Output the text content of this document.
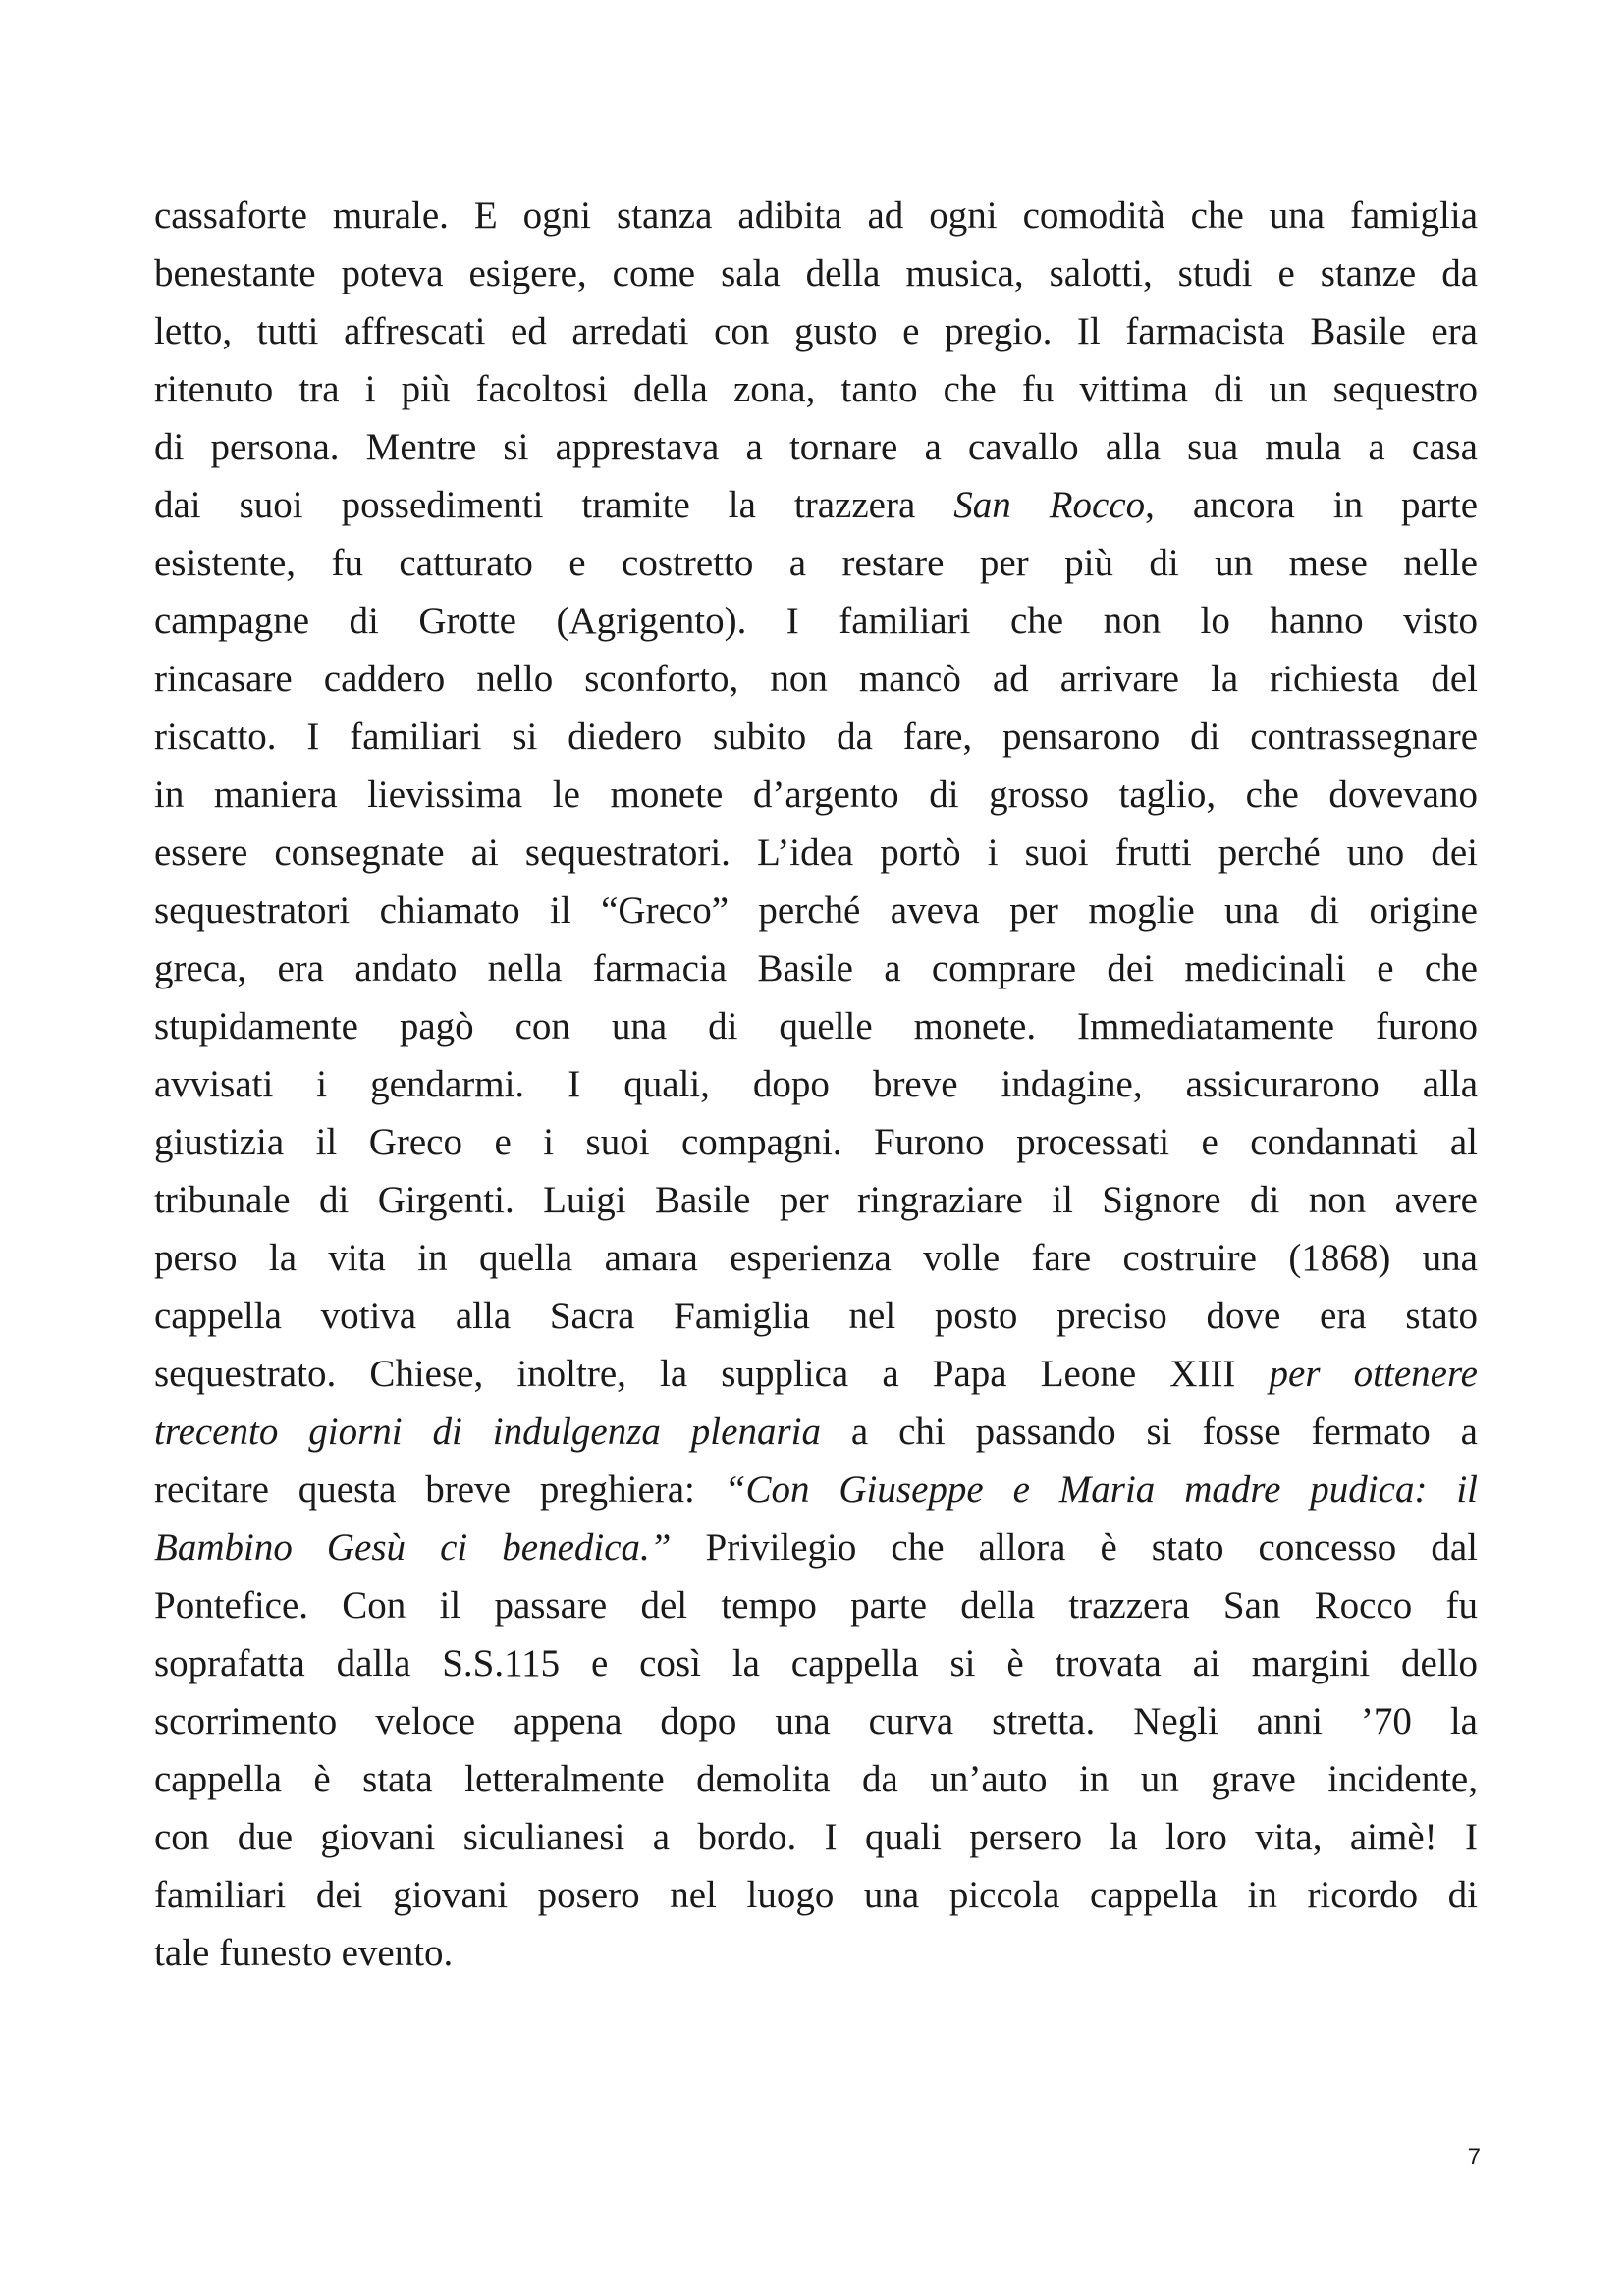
cassaforte murale. E ogni stanza adibita ad ogni comodità che una famiglia
benestante poteva esigere, come sala della musica, salotti, studi e stanze da
letto, tutti affrescati ed arredati con gusto e pregio. Il farmacista Basile era
ritenuto tra i più facoltosi della zona, tanto che fu vittima di un sequestro
di persona. Mentre si apprestava a tornare a cavallo alla sua mula a casa
dai suoi possedimenti tramite la trazzera San Rocco, ancora in parte
esistente, fu catturato e costretto a restare per più di un mese nelle
campagne di Grotte (Agrigento). I familiari che non lo hanno visto
rincasare caddero nello sconforto, non mancò ad arrivare la richiesta del
riscatto. I familiari si diedero subito da fare, pensarono di contrassegnare
in maniera lievissima le monete d’argento di grosso taglio, che dovevano
essere consegnate ai sequestratori. L’idea portò i suoi frutti perché uno dei
sequestratori chiamato il “Greco” perché aveva per moglie una di origine
greca, era andato nella farmacia Basile a comprare dei medicinali e che
stupidamente pagò con una di quelle monete. Immediatamente furono
avvisati i gendarmi. I quali, dopo breve indagine, assicurarono alla
giustizia il Greco e i suoi compagni. Furono processati e condannati al
tribunale di Girgenti. Luigi Basile per ringraziare il Signore di non avere
perso la vita in quella amara esperienza volle fare costruire (1868) una
cappella votiva alla Sacra Famiglia nel posto preciso dove era stato
sequestrato. Chiese, inoltre, la supplica a Papa Leone XIII per ottenere
trecento giorni di indulgenza plenaria a chi passando si fosse fermato a
recitare questa breve preghiera: “Con Giuseppe e Maria madre pudica: il
Bambino Gesù ci benedica.” Privilegio che allora è stato concesso dal
Pontefice. Con il passare del tempo parte della trazzera San Rocco fu
soprafatta dalla S.S.115 e così la cappella si è trovata ai margini dello
scorrimento veloce appena dopo una curva stretta. Negli anni ’70 la
cappella è stata letteralmente demolita da un’auto in un grave incidente,
con due giovani siculianesi a bordo. I quali persero la loro vita, aimè! I
familiari dei giovani posero nel luogo una piccola cappella in ricordo di
tale funesto evento.
7
